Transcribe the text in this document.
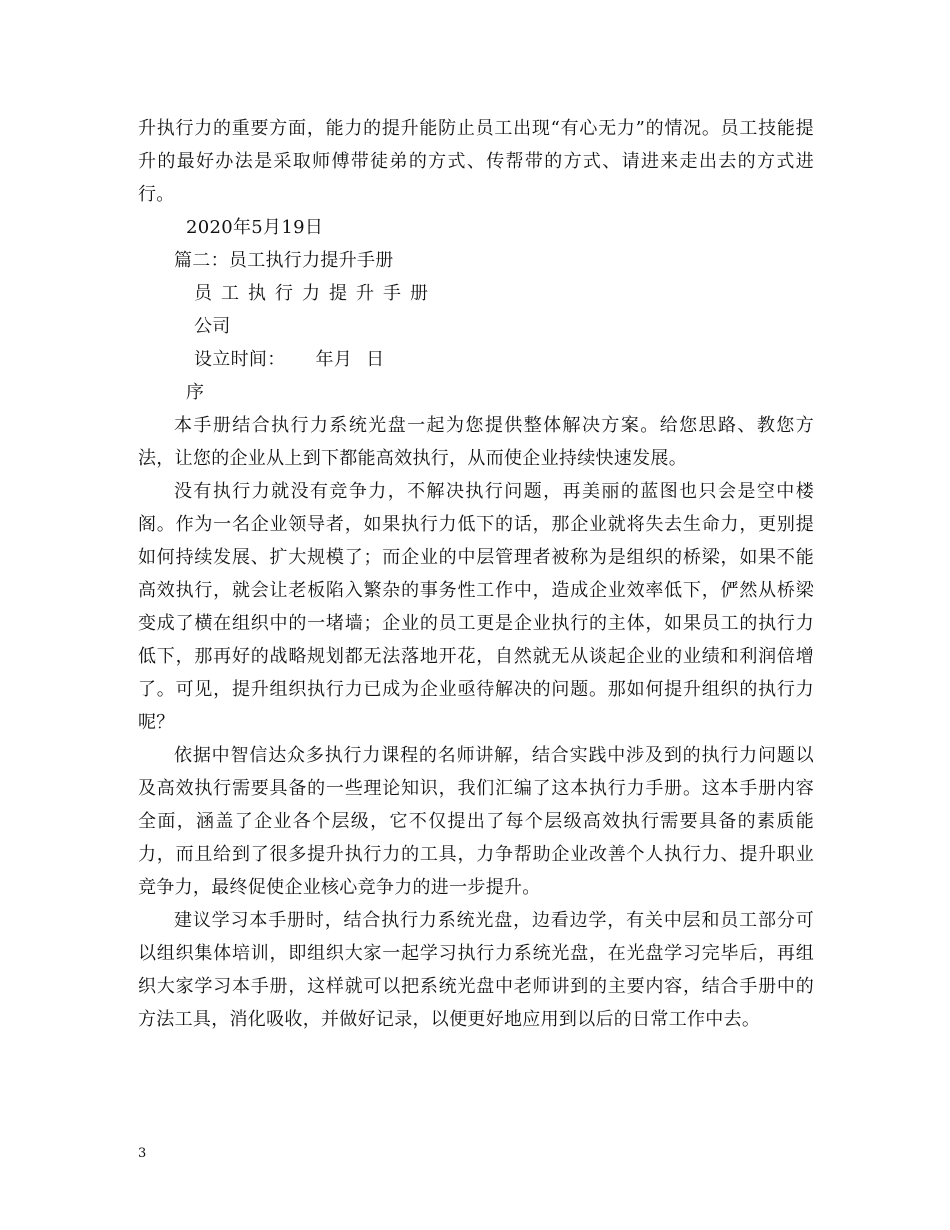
升执行力的重要方面，能力的提升能防止员工出现“有心无力”的情况。员工技能提升的最好办法是采取师傅带徒弟的方式、传帮带的方式、请进来走出去的方式进行。

2020年5月19日

篇二：员工执行力提升手册

员工执行力提升手册

公司

设立时间： 年月 日

序

本手册结合执行力系统光盘一起为您提供整体解决方案。给您思路、教您方法，让您的企业从上到下都能高效执行，从而使企业持续快速发展。

没有执行力就没有竞争力，不解决执行问题，再美丽的蓝图也只会是空中楼阁。作为一名企业领导者，如果执行力低下的话，那企业就将失去生命力，更别提如何持续发展、扩大规模了；而企业的中层管理者被称为是组织的桥梁，如果不能高效执行，就会让老板陷入繁杂的事务性工作中，造成企业效率低下，俨然从桥梁变成了横在组织中的一堵墙；企业的员工更是企业执行的主体，如果员工的执行力低下，那再好的战略规划都无法落地开花，自然就无从谈起企业的业绩和利润倍增了。可见，提升组织执行力已成为企业亟待解决的问题。那如何提升组织的执行力呢？

依据中智信达众多执行力课程的名师讲解，结合实践中涉及到的执行力问题以及高效执行需要具备的一些理论知识，我们汇编了这本执行力手册。这本手册内容全面，涵盖了企业各个层级，它不仅提出了每个层级高效执行需要具备的素质能力，而且给到了很多提升执行力的工具，力争帮助企业改善个人执行力、提升职业竞争力，最终促使企业核心竞争力的进一步提升。

建议学习本手册时，结合执行力系统光盘，边看边学，有关中层和员工部分可以组织集体培训，即组织大家一起学习执行力系统光盘，在光盘学习完毕后，再组织大家学习本手册，这样就可以把系统光盘中老师讲到的主要内容，结合手册中的方法工具，消化吸收，并做好记录，以便更好地应用到以后的日常工作中去。

3
